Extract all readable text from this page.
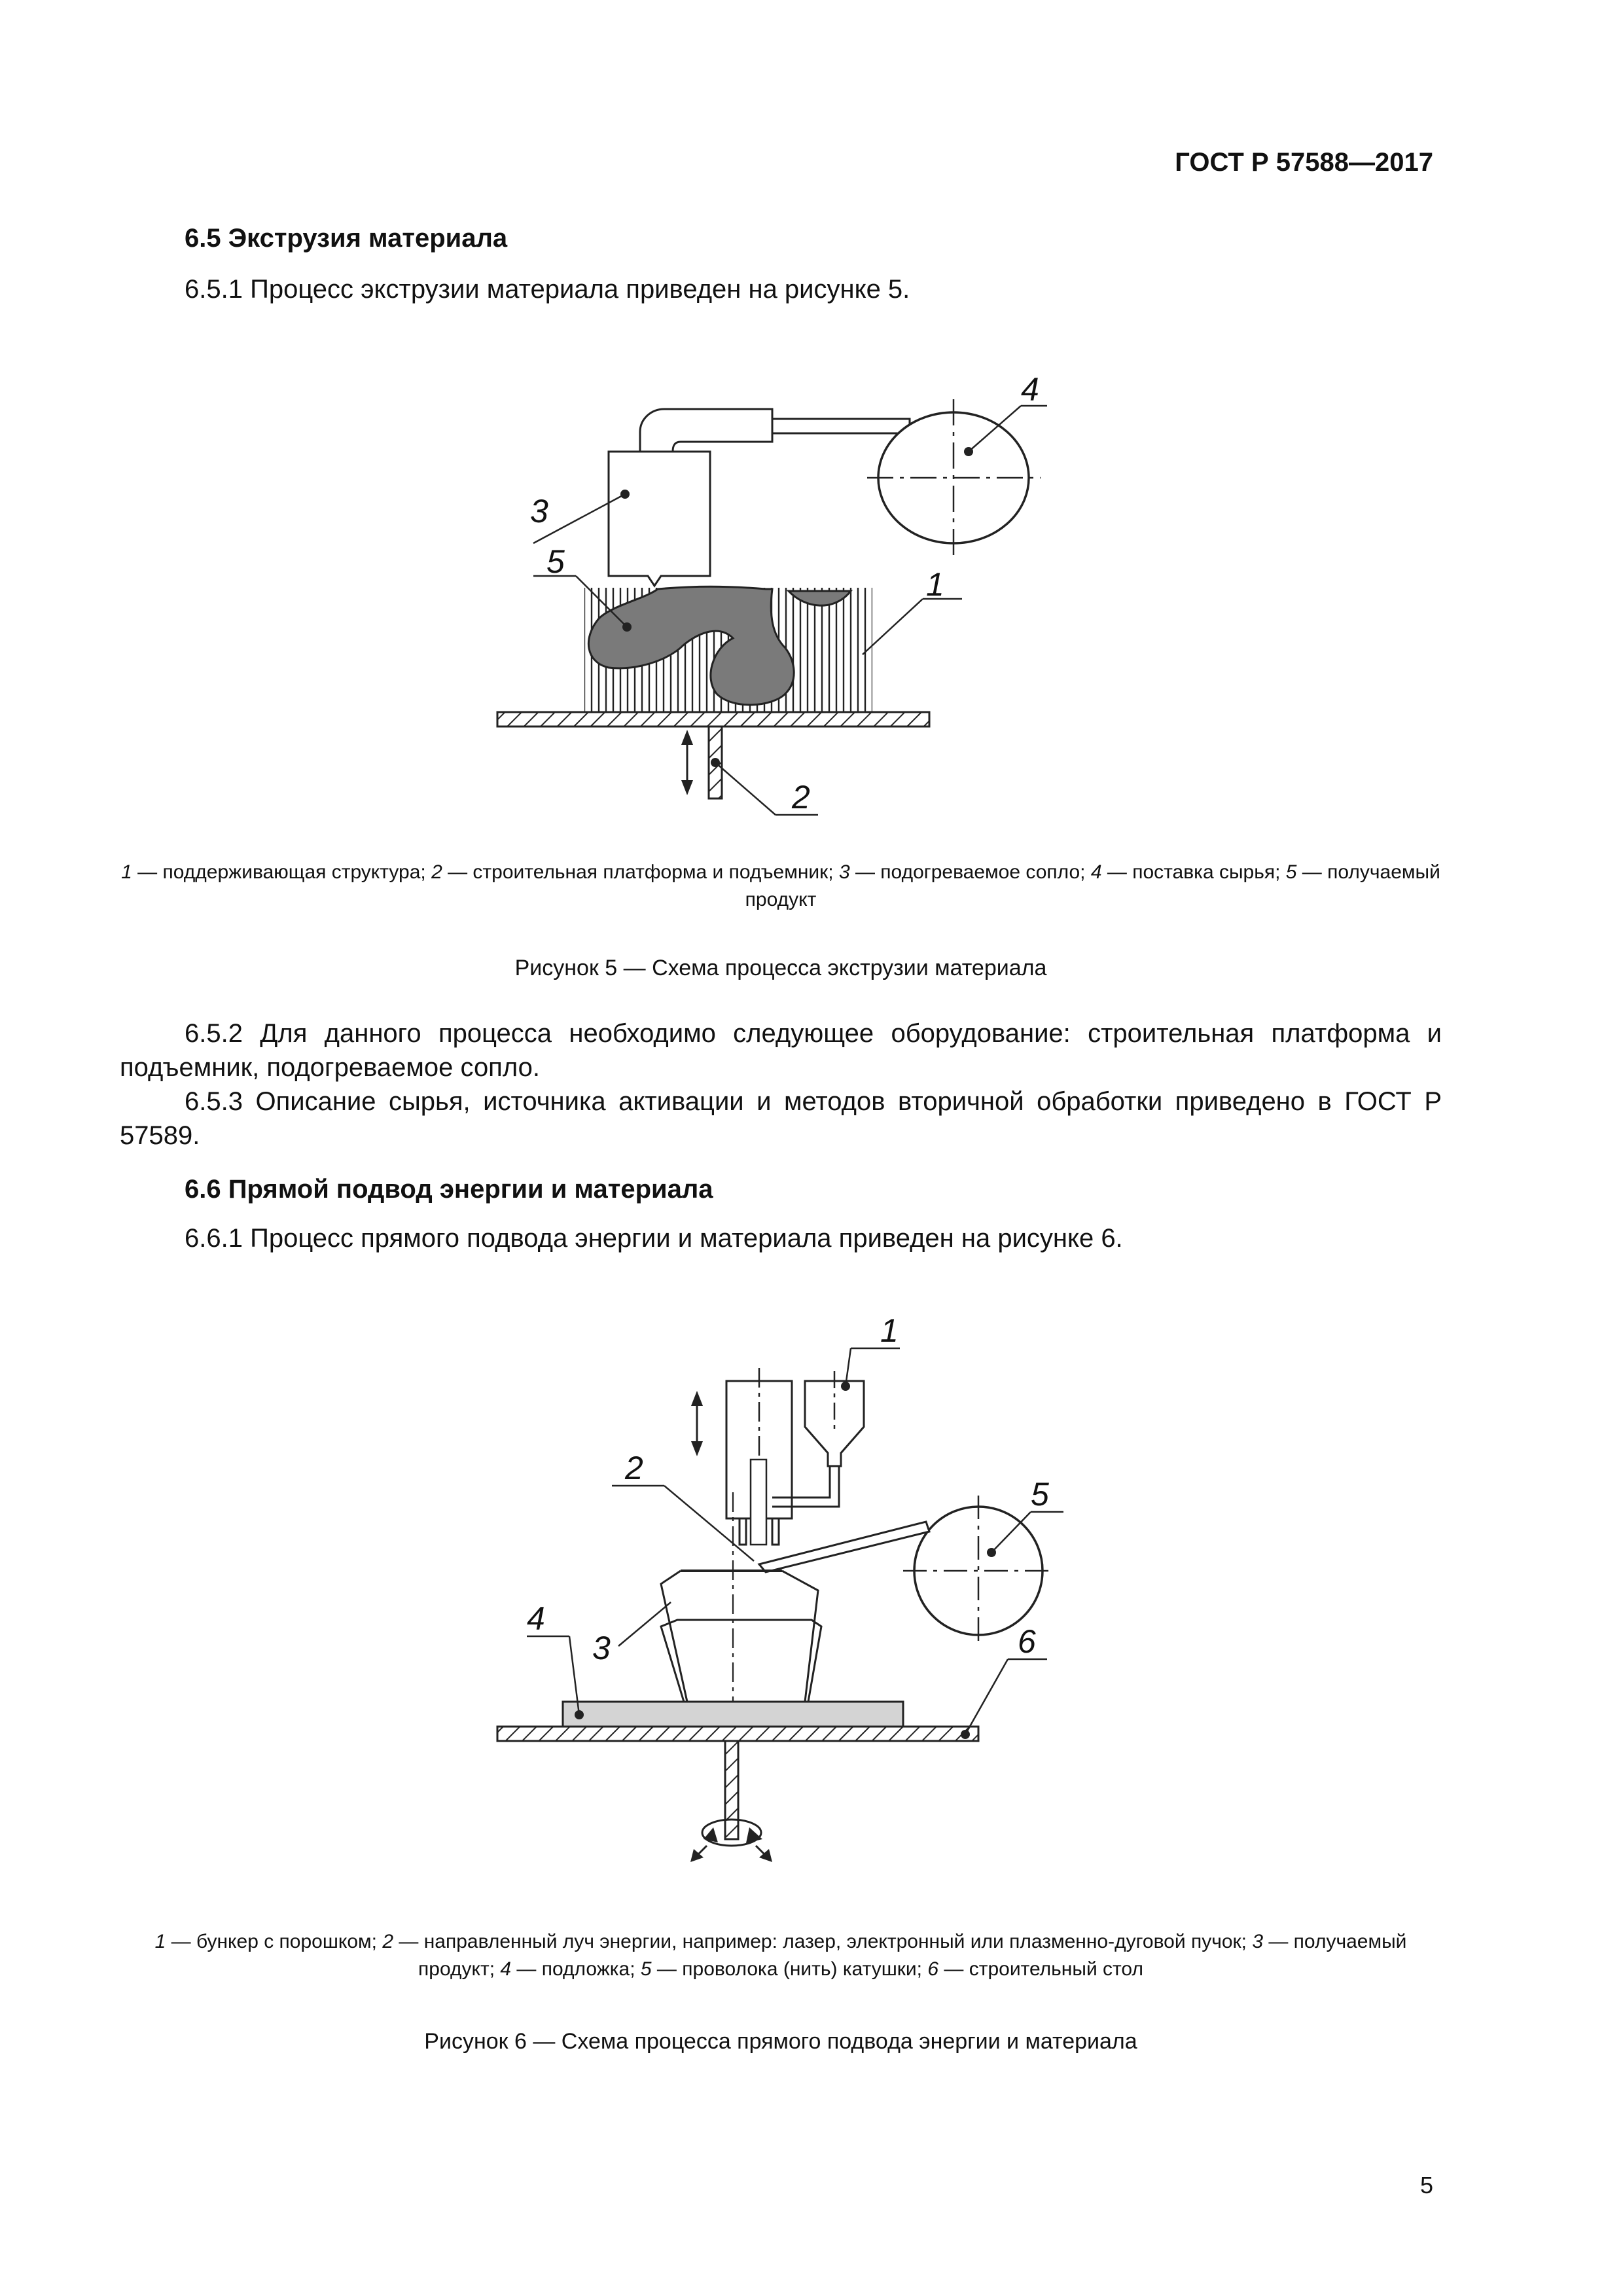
ГОСТ Р 57588—2017
6.5 Экструзия материала
6.5.1 Процесс экструзии материала приведен на рисунке 5.
3
5
1
2
4
1 — поддерживающая структура; 2 — строительная платформа и подъемник; 3 — подогреваемое сопло; 4 — поставка сырья; 5 — получаемый продукт
Рисунок 5 — Схема процесса экструзии материала
6.5.2 Для данного процесса необходимо следующее оборудование: строительная платформа и подъемник, подогреваемое сопло.
6.5.3 Описание сырья, источника активации и методов вторичной обработки приведено в ГОСТ Р 57589.
6.6 Прямой подвод энергии и материала
6.6.1 Процесс прямого подвода энергии и материала приведен на рисунке 6.
1
2
5
4
3	6
1 — бункер с порошком; 2 — направленный луч энергии, например: лазер, электронный или плазменно-дуговой пучок; 3 — получаемый продукт; 4 — подложка; 5 — проволока (нить) катушки; 6 — строительный стол
Рисунок 6 — Схема процесса прямого подвода энергии и материала
5
